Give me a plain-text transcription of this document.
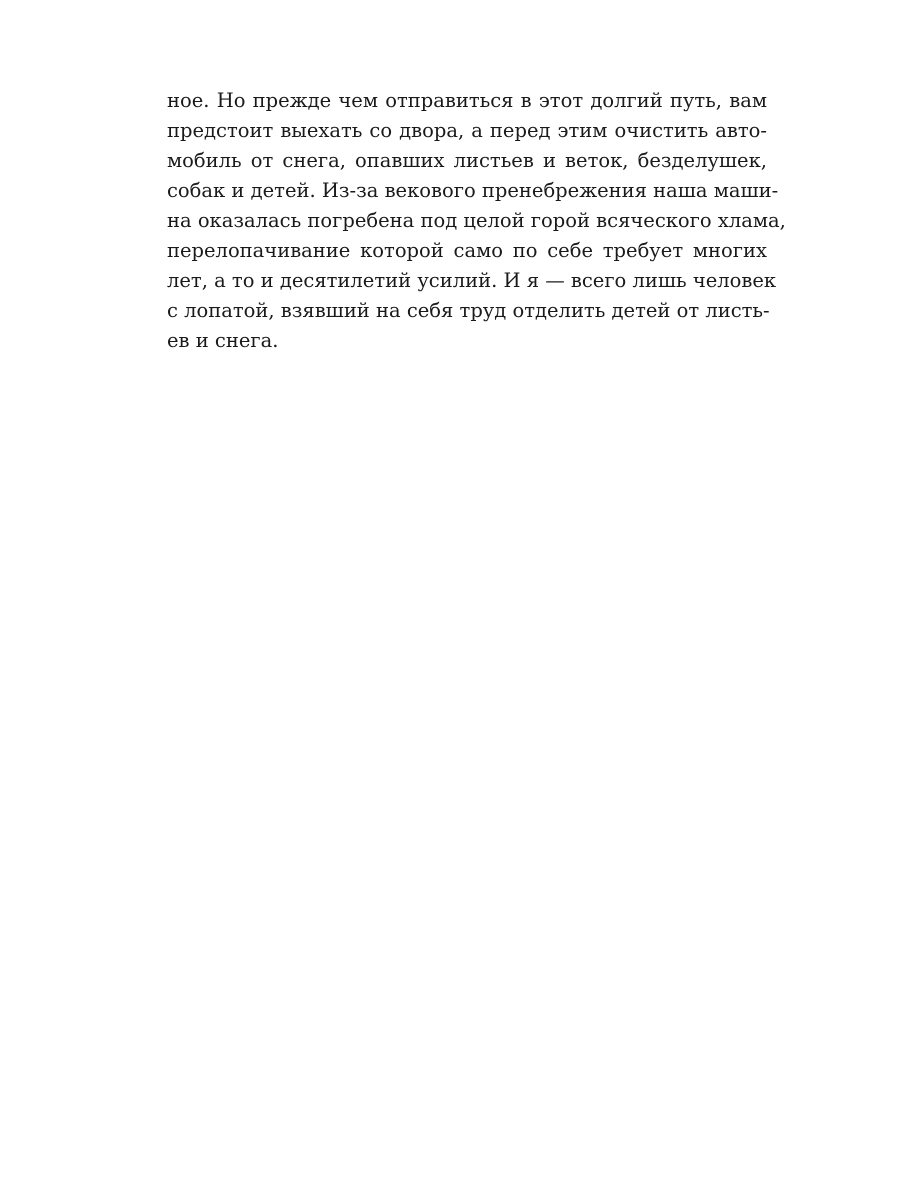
ное. Но прежде чем отправиться в этот долгий путь, вам
предстоит выехать со двора, а перед этим очистить авто-
мобиль от снега, опавших листьев и веток, безделушек,
собак и детей. Из-за векового пренебрежения наша маши-
на оказалась погребена под целой горой всяческого хлама,
перелопачивание которой само по себе требует многих
лет, а то и десятилетий усилий. И я — всего лишь человек
с лопатой, взявший на себя труд отделить детей от листь-
ев и снега.
